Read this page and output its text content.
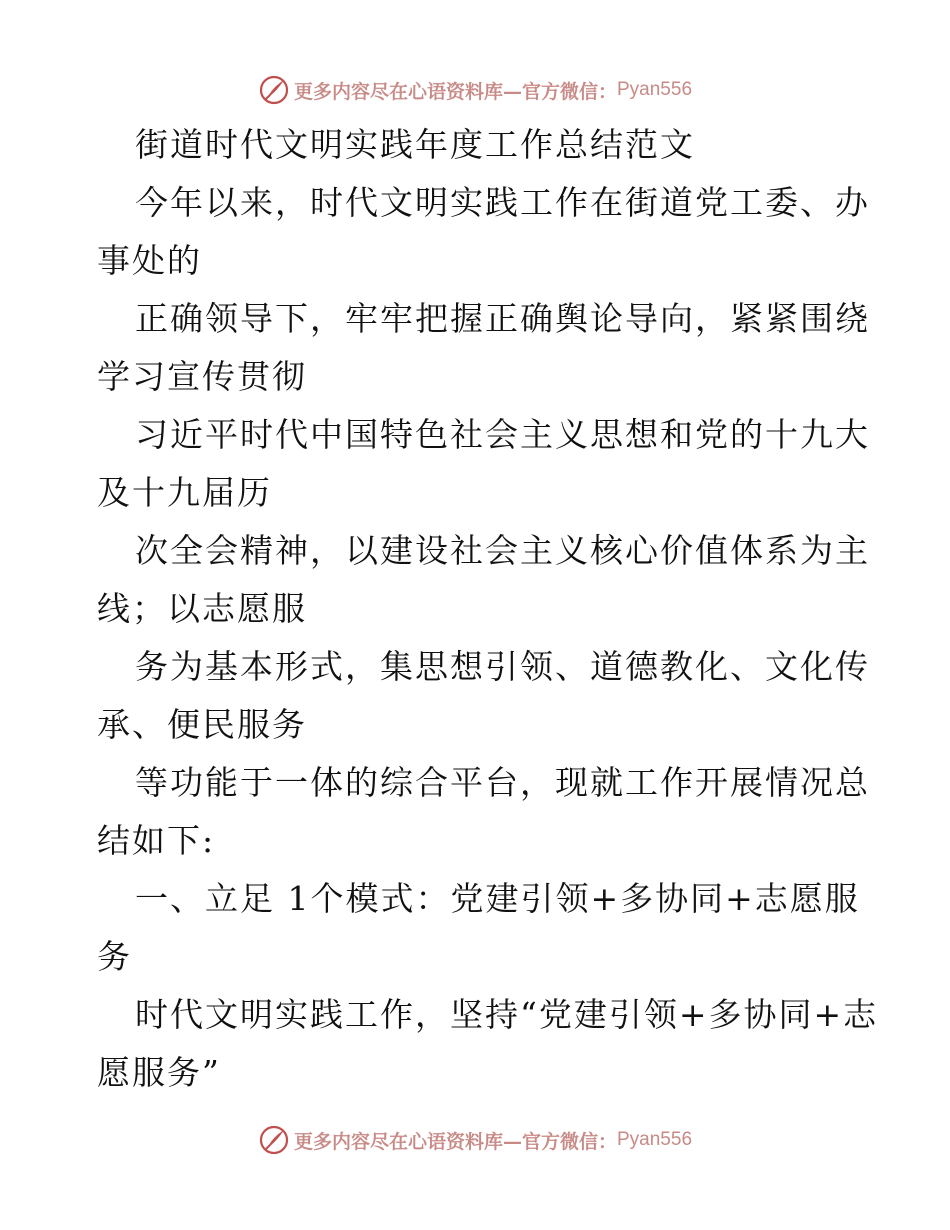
更多内容尽在心语资料库—官方微信： Pyan556
街道时代文明实践年度工作总结范文
今年以来，时代文明实践工作在街道党工委、办
事处的
正确领导下，牢牢把握正确舆论导向，紧紧围绕
学习宣传贯彻
习近平时代中国特色社会主义思想和党的十九大
及十九届历
次全会精神，以建设社会主义核心价值体系为主
线；以志愿服
务为基本形式，集思想引领、道德教化、文化传
承、便民服务
等功能于一体的综合平台，现就工作开展情况总
结如下:
一、立足 1个模式：党建引领+多协同+志愿服
务
时代文明实践工作，坚持“党建引领+多协同+志
愿服务”
更多内容尽在心语资料库—官方微信： Pyan556
